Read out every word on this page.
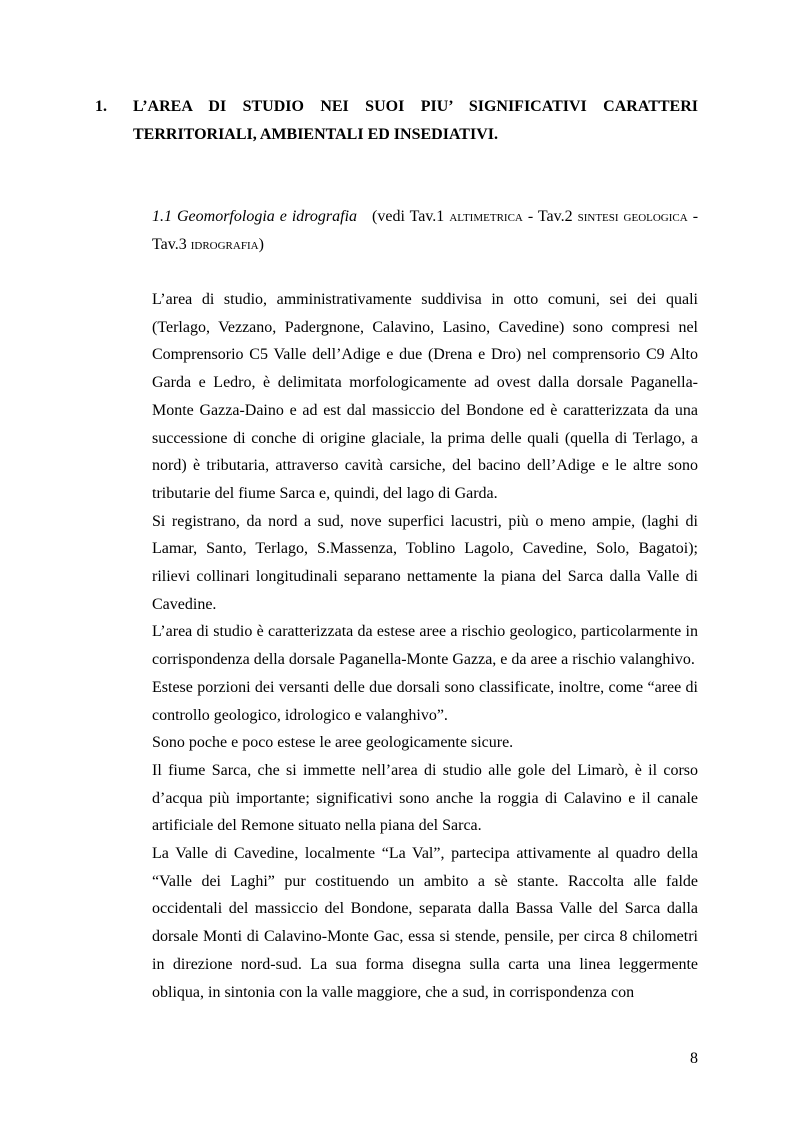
1. L’AREA DI STUDIO NEI SUOI PIU’ SIGNIFICATIVI CARATTERI TERRITORIALI, AMBIENTALI ED INSEDIATIVI.
1.1 Geomorfologia e idrografia (vedi Tav.1 altimetrica - Tav.2 sintesi geologica - Tav.3 idrografia)

L’area di studio, amministrativamente suddivisa in otto comuni, sei dei quali (Terlago, Vezzano, Padergnone, Calavino, Lasino, Cavedine) sono compresi nel Comprensorio C5 Valle dell’Adige e due (Drena e Dro) nel comprensorio C9 Alto Garda e Ledro, è delimitata morfologicamente ad ovest dalla dorsale Paganella-Monte Gazza-Daino e ad est dal massiccio del Bondone ed è caratterizzata da una successione di conche di origine glaciale, la prima delle quali (quella di Terlago, a nord) è tributaria, attraverso cavità carsiche, del bacino dell’Adige e le altre sono tributarie del fiume Sarca e, quindi, del lago di Garda.

Si registrano, da nord a sud, nove superfici lacustri, più o meno ampie, (laghi di Lamar, Santo, Terlago, S.Massenza, Toblino Lagolo, Cavedine, Solo, Bagatoi); rilievi collinari longitudinali separano nettamente la piana del Sarca dalla Valle di Cavedine.

L’area di studio è caratterizzata da estese aree a rischio geologico, particolarmente in corrispondenza della dorsale Paganella-Monte Gazza, e da aree a rischio valanghivo.

Estese porzioni dei versanti delle due dorsali sono classificate, inoltre, come “aree di controllo geologico, idrologico e valanghivo”.

Sono poche e poco estese le aree geologicamente sicure.

Il fiume Sarca, che si immette nell’area di studio alle gole del Limarò, è il corso d’acqua più importante; significativi sono anche la roggia di Calavino e il canale artificiale del Remone situato nella piana del Sarca.

La Valle di Cavedine, localmente “La Val”, partecipa attivamente al quadro della “Valle dei Laghi” pur costituendo un ambito a sè stante. Raccolta alle falde occidentali del massiccio del Bondone, separata dalla Bassa Valle del Sarca dalla dorsale Monti di Calavino-Monte Gac, essa si stende, pensile, per circa 8 chilometri in direzione nord-sud. La sua forma disegna sulla carta una linea leggermente obliqua, in sintonia con la valle maggiore, che a sud, in corrispondenza con

8
